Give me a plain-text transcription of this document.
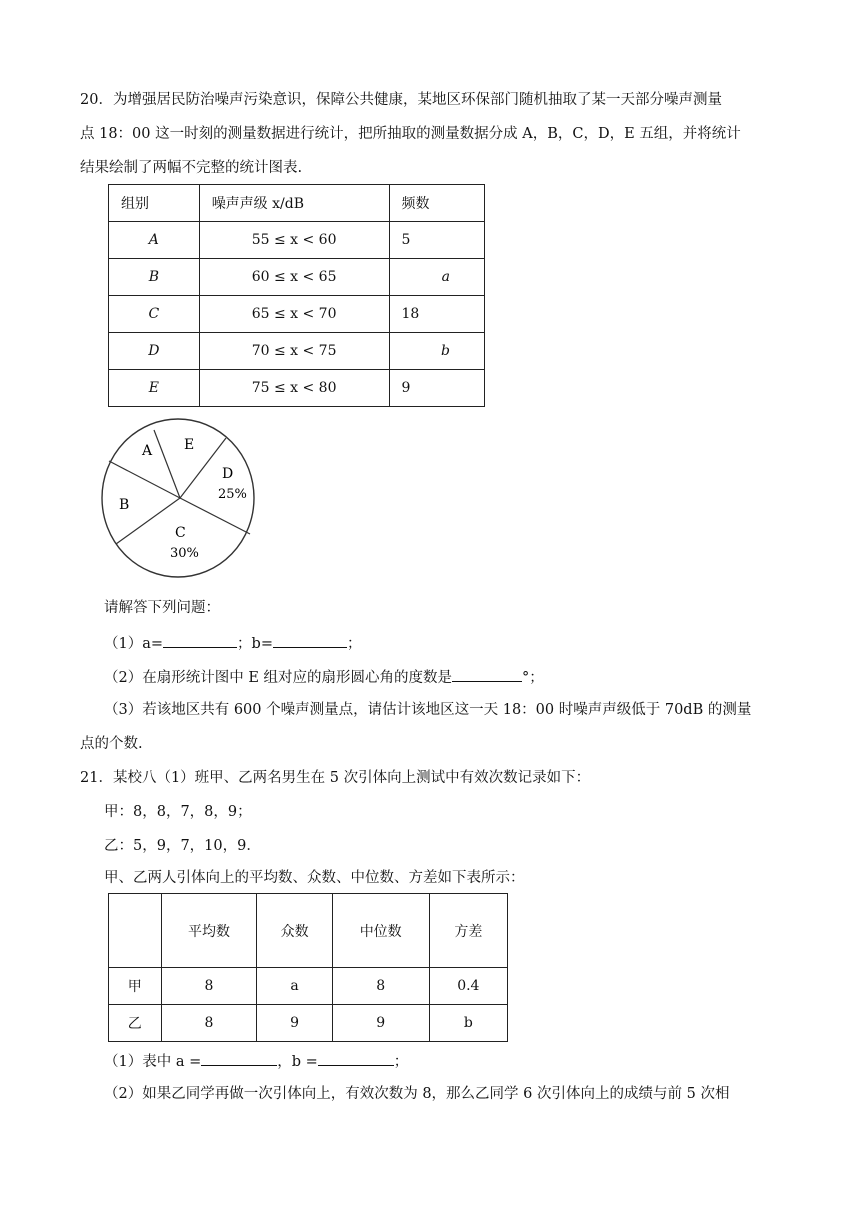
20．为增强居民防治噪声污染意识，保障公共健康，某地区环保部门随机抽取了某一天部分噪声测量
点 18：00 这一时刻的测量数据进行统计，把所抽取的测量数据分成 A，B，C，D，E 五组，并将统计
结果绘制了两幅不完整的统计图表.
组别	噪声声级 x/dB	频数
A	55 ≤ x < 60	5
B	60 ≤ x < 65	a
C	65 ≤ x < 70	18
D	70 ≤ x < 75	b
E	75 ≤ x < 80	9
A E
D
25%
B
C
30%
请解答下列问题：
（1）a=	；b=	；
（2）在扇形统计图中 E 组对应的扇形圆心角的度数是	°；
（3）若该地区共有 600 个噪声测量点，请估计该地区这一天 18：00 时噪声声级低于 70dB 的测量
点的个数.
21．某校八（1）班甲、乙两名男生在 5 次引体向上测试中有效次数记录如下：
甲：8，8，7，8，9；
乙：5，9，7，10，9．
甲、乙两人引体向上的平均数、众数、中位数、方差如下表所示：
	平均数	众数	中位数	方差
甲	8	a	8	0.4
乙	8	9	9	b
（1）表中 a =	，b =	；
（2）如果乙同学再做一次引体向上，有效次数为 8，那么乙同学 6 次引体向上的成绩与前 5 次相
